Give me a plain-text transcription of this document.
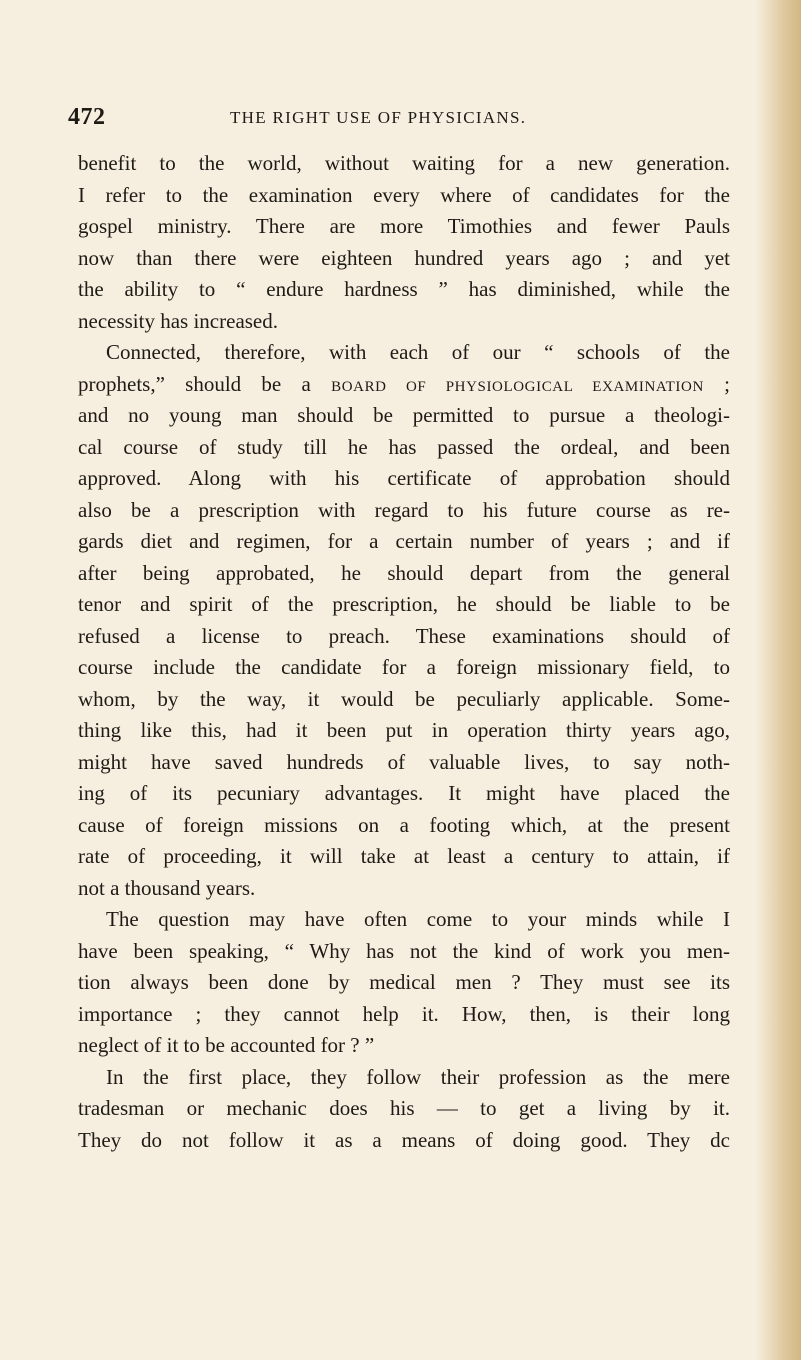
472	THE RIGHT USE OF PHYSICIANS.
benefit to the world, without waiting for a new generation.
I refer to the examination every where of candidates for the
gospel ministry. There are more Timothies and fewer Pauls
now than there were eighteen hundred years ago ; and yet
the ability to “ endure hardness ” has diminished, while the
necessity has increased.
Connected, therefore, with each of our “ schools of the
prophets,” should be a BOARD OF PHYSIOLOGICAL EXAMINATION ;
and no young man should be permitted to pursue a theologi-
cal course of study till he has passed the ordeal, and been
approved. Along with his certificate of approbation should
also be a prescription with regard to his future course as re-
gards diet and regimen, for a certain number of years ; and if
after being approbated, he should depart from the general
tenor and spirit of the prescription, he should be liable to be
refused a license to preach. These examinations should of
course include the candidate for a foreign missionary field, to
whom, by the way, it would be peculiarly applicable. Some-
thing like this, had it been put in operation thirty years ago,
might have saved hundreds of valuable lives, to say noth-
ing of its pecuniary advantages. It might have placed the
cause of foreign missions on a footing which, at the present
rate of proceeding, it will take at least a century to attain, if
not a thousand years.
The question may have often come to your minds while I
have been speaking, “ Why has not the kind of work you men-
tion always been done by medical men ? They must see its
importance ; they cannot help it. How, then, is their long
neglect of it to be accounted for ? ”
In the first place, they follow their profession as the mere
tradesman or mechanic does his — to get a living by it.
They do not follow it as a means of doing good. They dc
